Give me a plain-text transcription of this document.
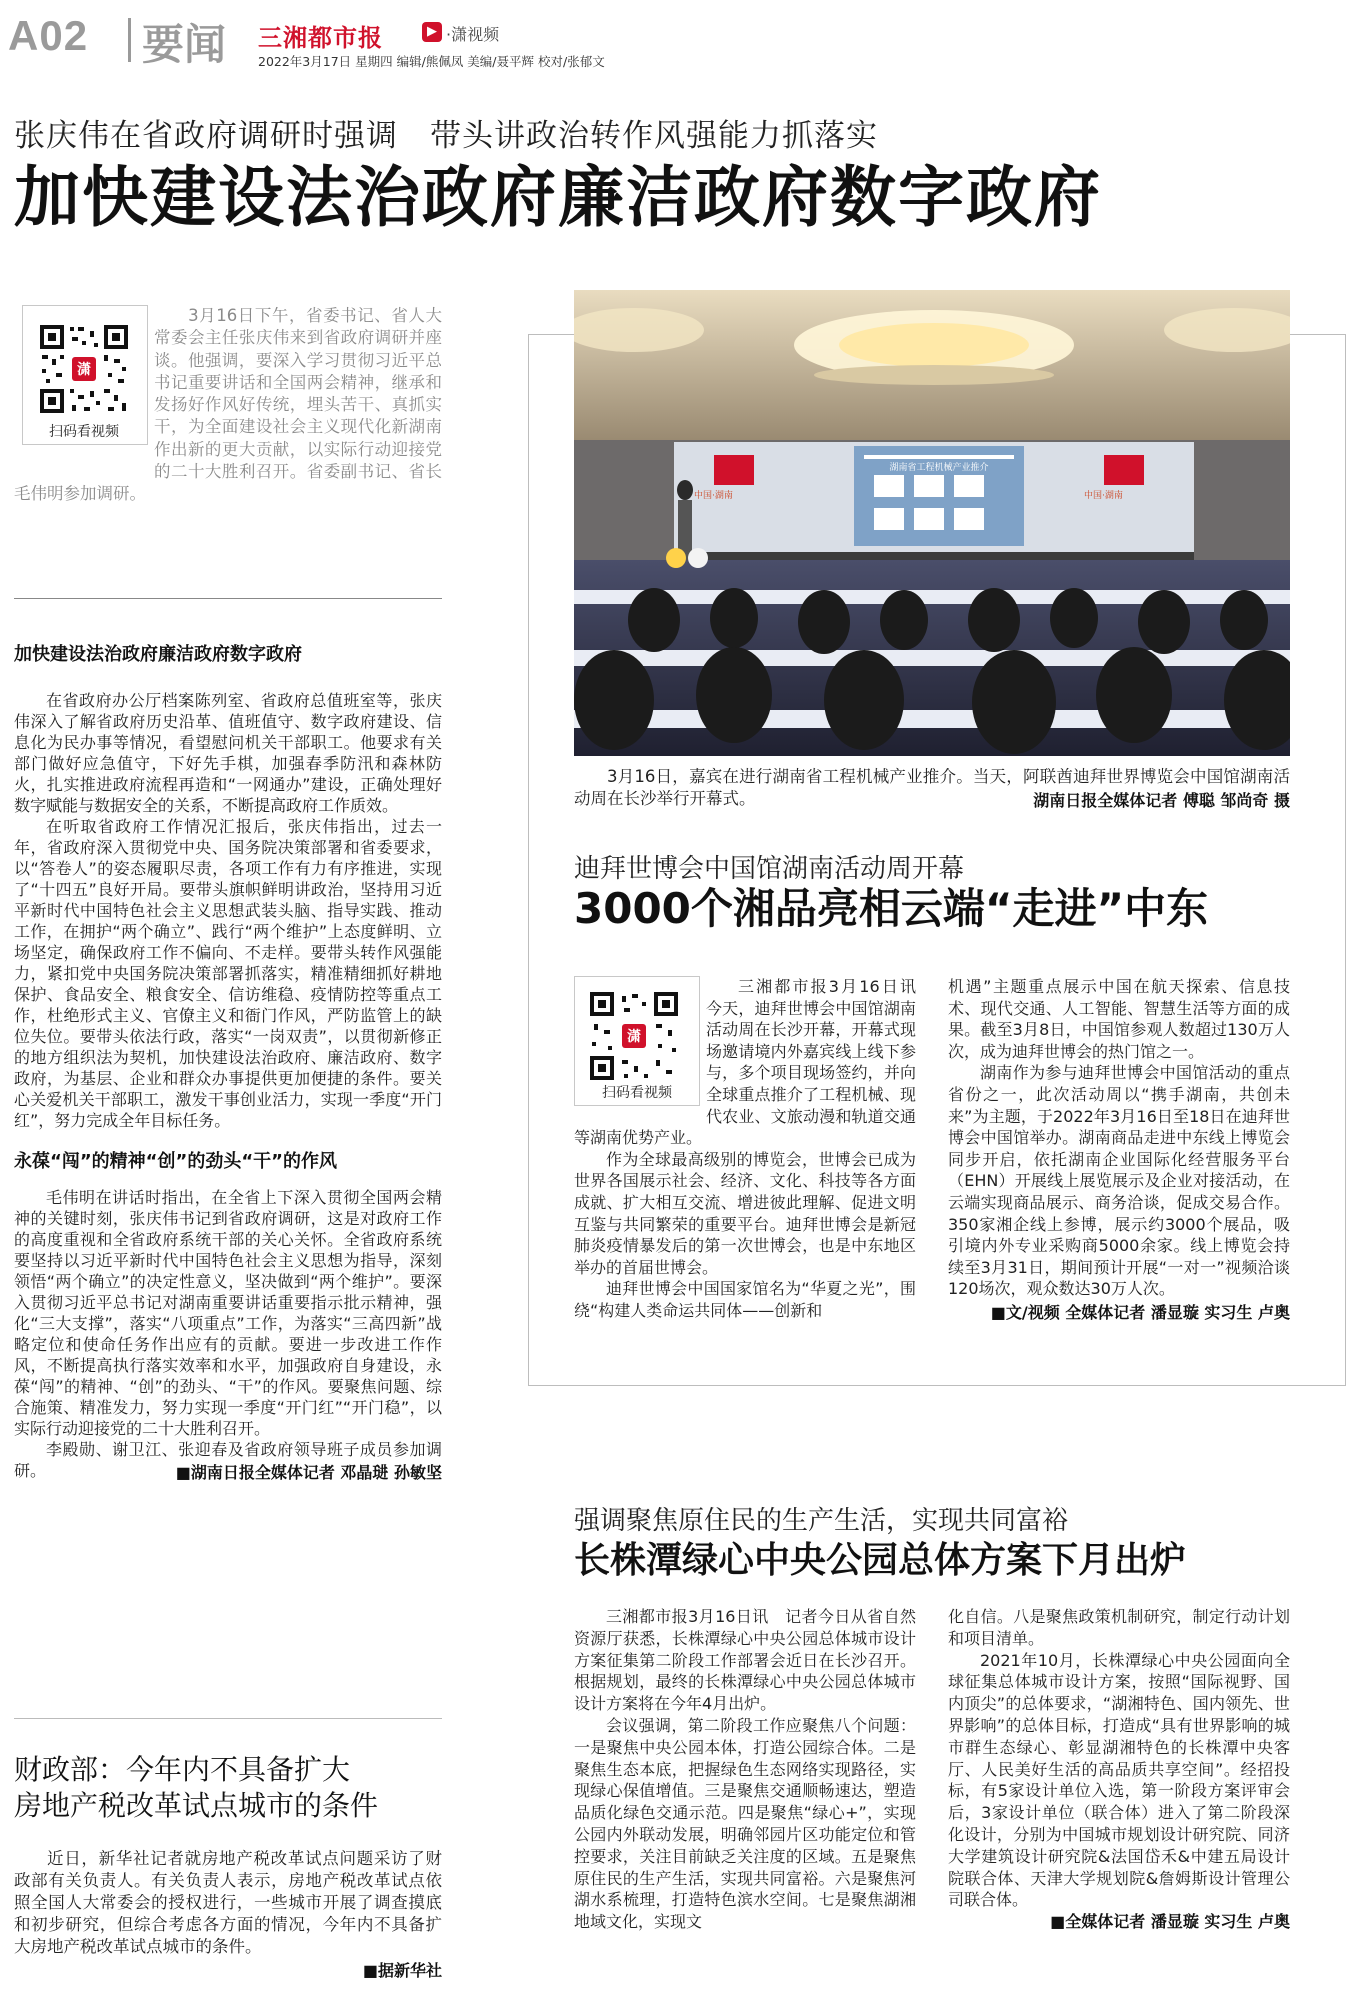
A02 要闻 三湘都市报	▶ ·潇视频
2022年3月17日 星期四 编辑/熊佩凤 美编/聂平辉 校对/张郁文
张庆伟在省政府调研时强调　带头讲政治转作风强能力抓落实
加快建设法治政府廉洁政府数字政府
潇
扫码看视频
　　3月16日下午，省委书记、省人大常委会主任张庆伟来到省政府调研并座谈。他强调，要深入学习贯彻习近平总书记重要讲话和全国两会精神，继承和发扬好作风好传统，埋头苦干、真抓实干，为全面建设社会主义现代化新湖南作出新的更大贡献，以实际行动迎接党的二十大胜利召开。省委副书记、省长毛伟明参加调研。
加快建设法治政府廉洁政府数字政府
在省政府办公厅档案陈列室、省政府总值班室等，张庆伟深入了解省政府历史沿革、值班值守、数字政府建设、信息化为民办事等情况，看望慰问机关干部职工。他要求有关部门做好应急值守，下好先手棋，加强春季防汛和森林防火，扎实推进政府流程再造和“一网通办”建设，正确处理好数字赋能与数据安全的关系，不断提高政府工作质效。
在听取省政府工作情况汇报后，张庆伟指出，过去一年，省政府深入贯彻党中央、国务院决策部署和省委要求，以“答卷人”的姿态履职尽责，各项工作有力有序推进，实现了“十四五”良好开局。要带头旗帜鲜明讲政治，坚持用习近平新时代中国特色社会主义思想武装头脑、指导实践、推动工作，在拥护“两个确立”、践行“两个维护”上态度鲜明、立场坚定，确保政府工作不偏向、不走样。要带头转作风强能力，紧扣党中央国务院决策部署抓落实，精准精细抓好耕地保护、食品安全、粮食安全、信访维稳、疫情防控等重点工作，杜绝形式主义、官僚主义和衙门作风，严防监管上的缺位失位。要带头依法行政，落实“一岗双责”，以贯彻新修正的地方组织法为契机，加快建设法治政府、廉洁政府、数字政府，为基层、企业和群众办事提供更加便捷的条件。要关心关爱机关干部职工，激发干事创业活力，实现一季度“开门红”，努力完成全年目标任务。
永葆“闯”的精神“创”的劲头“干”的作风
毛伟明在讲话时指出，在全省上下深入贯彻全国两会精神的关键时刻，张庆伟书记到省政府调研，这是对政府工作的高度重视和全省政府系统干部的关心关怀。全省政府系统要坚持以习近平新时代中国特色社会主义思想为指导，深刻领悟“两个确立”的决定性意义，坚决做到“两个维护”。要深入贯彻习近平总书记对湖南重要讲话重要指示批示精神，强化“三大支撑”，落实“八项重点”工作，为落实“三高四新”战略定位和使命任务作出应有的贡献。要进一步改进工作作风，不断提高执行落实效率和水平，加强政府自身建设，永葆“闯”的精神、“创”的劲头、“干”的作风。要聚焦问题、综合施策、精准发力，努力实现一季度“开门红”“开门稳”，以实际行动迎接党的二十大胜利召开。
李殿勋、谢卫江、张迎春及省政府领导班子成员参加调研。	■湖南日报全媒体记者 邓晶琎 孙敏坚
财政部：今年内不具备扩大
房地产税改革试点城市的条件
近日，新华社记者就房地产税改革试点问题采访了财政部有关负责人。有关负责人表示，房地产税改革试点依照全国人大常委会的授权进行，一些城市开展了调查摸底和初步研究，但综合考虑各方面的情况，今年内不具备扩大房地产税改革试点城市的条件。
■据新华社
中国·湖南
湖南省工程机械产业推介
中国·湖南
3月16日，嘉宾在进行湖南省工程机械产业推介。当天，阿联酋迪拜世界博览会中国馆湖南活动周在长沙举行开幕式。	湖南日报全媒体记者 傅聪 邹尚奇 摄
迪拜世博会中国馆湖南活动周开幕
3000个湘品亮相云端“走进”中东
潇
扫码看视频
三湘都市报3月16日讯　今天，迪拜世博会中国馆湖南活动周在长沙开幕，开幕式现场邀请境内外嘉宾线上线下参与，多个项目现场签约，并向全球重点推介了工程机械、现代农业、文旅动漫和轨道交通等湖南优势产业。
作为全球最高级别的博览会，世博会已成为世界各国展示社会、经济、文化、科技等各方面成就、扩大相互交流、增进彼此理解、促进文明互鉴与共同繁荣的重要平台。迪拜世博会是新冠肺炎疫情暴发后的第一次世博会，也是中东地区举办的首届世博会。
迪拜世博会中国国家馆名为“华夏之光”，围绕“构建人类命运共同体——创新和
机遇”主题重点展示中国在航天探索、信息技术、现代交通、人工智能、智慧生活等方面的成果。截至3月8日，中国馆参观人数超过130万人次，成为迪拜世博会的热门馆之一。
湖南作为参与迪拜世博会中国馆活动的重点省份之一，此次活动周以“携手湖南，共创未来”为主题，于2022年3月16日至18日在迪拜世博会中国馆举办。湖南商品走进中东线上博览会同步开启，依托湖南企业国际化经营服务平台（EHN）开展线上展览展示及企业对接活动，在云端实现商品展示、商务洽谈，促成交易合作。350家湘企线上参博，展示约3000个展品，吸引境内外专业采购商5000余家。线上博览会持续至3月31日，期间预计开展“一对一”视频洽谈120场次，观众数达30万人次。
■文/视频 全媒体记者 潘显璇 实习生 卢奥
强调聚焦原住民的生产生活，实现共同富裕
长株潭绿心中央公园总体方案下月出炉
三湘都市报3月16日讯　记者今日从省自然资源厅获悉，长株潭绿心中央公园总体城市设计方案征集第二阶段工作部署会近日在长沙召开。根据规划，最终的长株潭绿心中央公园总体城市设计方案将在今年4月出炉。
会议强调，第二阶段工作应聚焦八个问题：一是聚焦中央公园本体，打造公园综合体。二是聚焦生态本底，把握绿色生态网络实现路径，实现绿心保值增值。三是聚焦交通顺畅速达，塑造品质化绿色交通示范。四是聚焦“绿心+”，实现公园内外联动发展，明确邻园片区功能定位和管控要求，关注目前缺乏关注度的区域。五是聚焦原住民的生产生活，实现共同富裕。六是聚焦河湖水系梳理，打造特色滨水空间。七是聚焦湖湘地域文化，实现文
化自信。八是聚焦政策机制研究，制定行动计划和项目清单。
2021年10月，长株潭绿心中央公园面向全球征集总体城市设计方案，按照“国际视野、国内顶尖”的总体要求，“湖湘特色、国内领先、世界影响”的总体目标，打造成“具有世界影响的城市群生态绿心、彰显湖湘特色的长株潭中央客厅、人民美好生活的高品质共享空间”。经招投标，有5家设计单位入选，第一阶段方案评审会后，3家设计单位（联合体）进入了第二阶段深化设计，分别为中国城市规划设计研究院、同济大学建筑设计研究院&法国岱禾&中建五局设计院联合体、天津大学规划院&詹姆斯设计管理公司联合体。
■全媒体记者 潘显璇 实习生 卢奥
